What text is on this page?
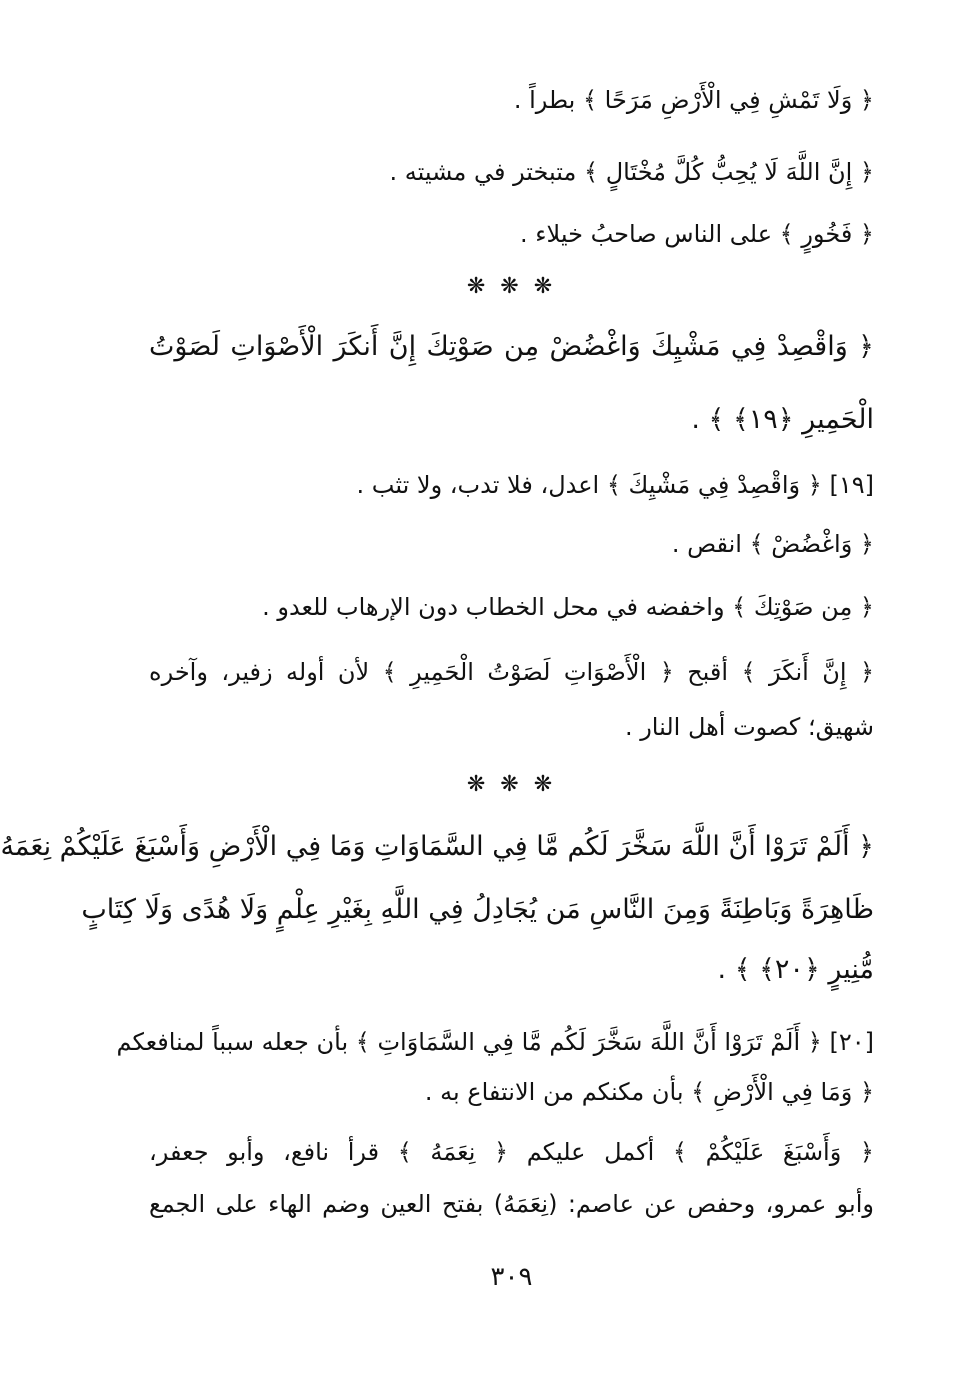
﴿ وَلَا تَمْشِ فِي الْأَرْضِ مَرَحًا ﴾ بطراً .
﴿ إِنَّ اللَّهَ لَا يُحِبُّ كُلَّ مُخْتَالٍ ﴾ متبختر في مشيته .
﴿ فَخُورٍ ﴾ على الناس صاحبُ خيلاء .
❋ ❋ ❋
﴿ وَاقْصِدْ فِي مَشْيِكَ وَاغْضُضْ مِن صَوْتِكَ إِنَّ أَنكَرَ الْأَصْوَاتِ لَصَوْتُ
الْحَمِيرِ ﴿١٩﴾ ﴾ .
[١٩] ﴿ وَاقْصِدْ فِي مَشْيِكَ ﴾ اعدل، فلا تدب، ولا تثب .
﴿ وَاغْضُضْ ﴾ انقص .
﴿ مِن صَوْتِكَ ﴾ واخفضه في محل الخطاب دون الإرهاب للعدو .
﴿ إِنَّ أَنكَرَ ﴾ أقبح ﴿ الْأَصْوَاتِ لَصَوْتُ الْحَمِيرِ ﴾ لأن أوله زفير، وآخره
شهيق؛ كصوت أهل النار .
❋ ❋ ❋
﴿ أَلَمْ تَرَوْا أَنَّ اللَّهَ سَخَّرَ لَكُم مَّا فِي السَّمَاوَاتِ وَمَا فِي الْأَرْضِ وَأَسْبَغَ عَلَيْكُمْ نِعَمَهُ
ظَاهِرَةً وَبَاطِنَةً وَمِنَ النَّاسِ مَن يُجَادِلُ فِي اللَّهِ بِغَيْرِ عِلْمٍ وَلَا هُدًى وَلَا كِتَابٍ
مُّنِيرٍ ﴿٢٠﴾ ﴾ .
[٢٠] ﴿ أَلَمْ تَرَوْا أَنَّ اللَّهَ سَخَّرَ لَكُم مَّا فِي السَّمَاوَاتِ ﴾ بأن جعله سبباً لمنافعكم
﴿ وَمَا فِي الْأَرْضِ ﴾ بأن مكنكم من الانتفاع به .
﴿ وَأَسْبَغَ عَلَيْكُمْ ﴾ أكمل عليكم ﴿ نِعَمَهُ ﴾ قرأ نافع، وأبو جعفر،
وأبو عمرو، وحفص عن عاصم: (نِعَمَهُ) بفتح العين وضم الهاء على الجمع
٣٠٩
